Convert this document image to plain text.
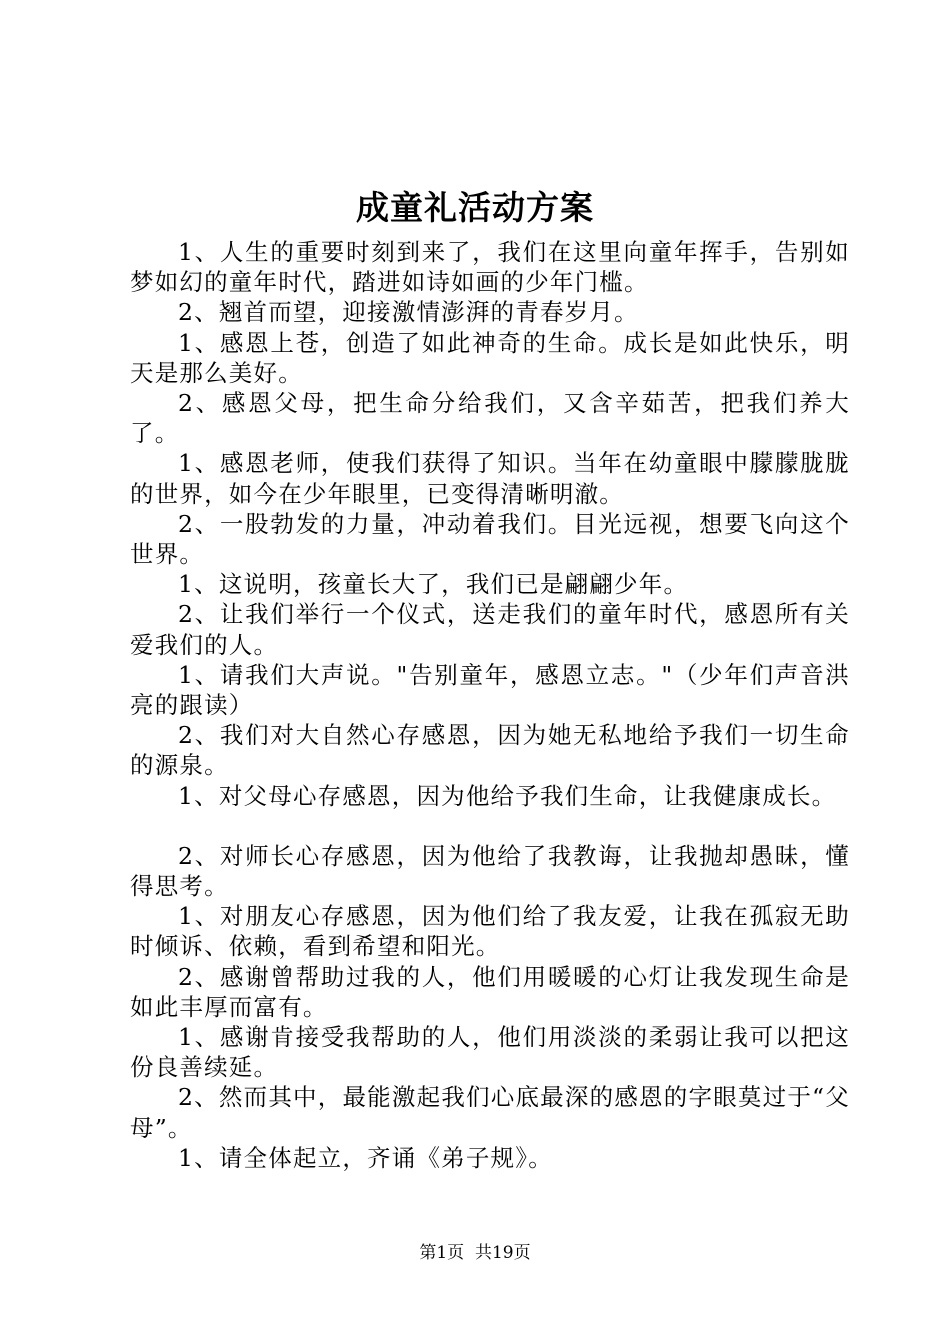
成童礼活动方案

1、人生的重要时刻到来了，我们在这里向童年挥手，告别如梦如幻的童年时代，踏进如诗如画的少年门槛。

2、翘首而望，迎接激情澎湃的青春岁月。

1、感恩上苍，创造了如此神奇的生命。成长是如此快乐，明天是那么美好。

2、感恩父母，把生命分给我们，又含辛茹苦，把我们养大了。

1、感恩老师，使我们获得了知识。当年在幼童眼中朦朦胧胧的世界，如今在少年眼里，已变得清晰明澈。

2、一股勃发的力量，冲动着我们。目光远视，想要飞向这个世界。

1、这说明，孩童长大了，我们已是翩翩少年。

2、让我们举行一个仪式，送走我们的童年时代，感恩所有关爱我们的人。

1、请我们大声说。"告别童年，感恩立志。"（少年们声音洪亮的跟读）

2、我们对大自然心存感恩，因为她无私地给予我们一切生命的源泉。

1、对父母心存感恩，因为他给予我们生命，让我健康成长。

2、对师长心存感恩，因为他给了我教诲，让我抛却愚昧，懂得思考。

1、对朋友心存感恩，因为他们给了我友爱，让我在孤寂无助时倾诉、依赖，看到希望和阳光。

2、感谢曾帮助过我的人，他们用暖暖的心灯让我发现生命是如此丰厚而富有。

1、感谢肯接受我帮助的人，他们用淡淡的柔弱让我可以把这份良善续延。

2、然而其中，最能激起我们心底最深的感恩的字眼莫过于“父母”。

1、请全体起立，齐诵《弟子规》。

第1页  共19页
